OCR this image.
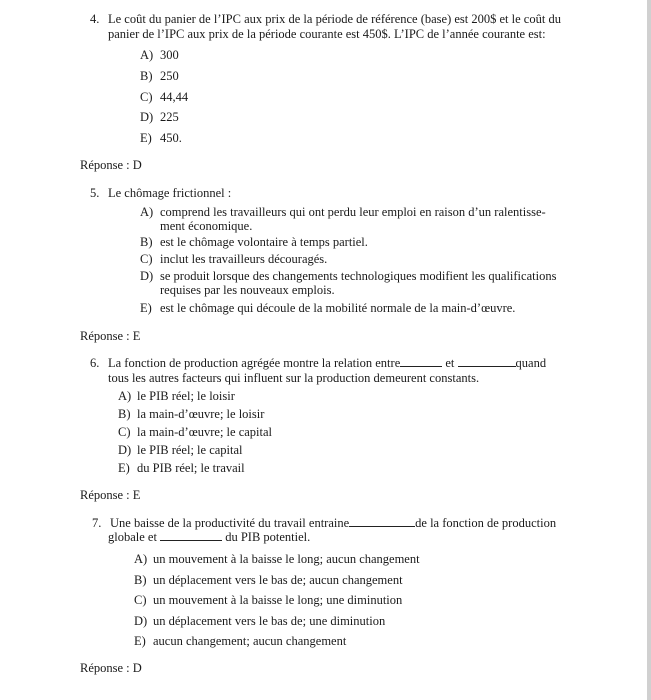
4. Le coût du panier de l’IPC aux prix de la période de référence (base) est 200$ et le coût du
panier de l’IPC aux prix de la période courante est 450$. L’IPC de l’année courante est:
A) 300
B) 250
C) 44,44
D) 225
E) 450.
Réponse : D
5. Le chômage frictionnel :
A) comprend les travailleurs qui ont perdu leur emploi en raison d’un ralentisse-
ment économique.
B) est le chômage volontaire à temps partiel.
C) inclut les travailleurs découragés.
D) se produit lorsque des changements technologiques modifient les qualifications
requises par les nouveaux emplois.
E) est le chômage qui découle de la mobilité normale de la main-d’œuvre.
Réponse : E
6. La fonction de production agrégée montre la relation entre	et	quand
tous les autres facteurs qui influent sur la production demeurent constants.
A) le PIB réel; le loisir
B) la main-d’œuvre; le loisir
C) la main-d’œuvre; le capital
D) le PIB réel; le capital
E) du PIB réel; le travail
Réponse : E
7. Une baisse de la productivité du travail entraine	de la fonction de production
globale et	du PIB potentiel.
A) un mouvement à la baisse le long; aucun changement
B) un déplacement vers le bas de; aucun changement
C) un mouvement à la baisse le long; une diminution
D) un déplacement vers le bas de; une diminution
E) aucun changement; aucun changement
Réponse : D
